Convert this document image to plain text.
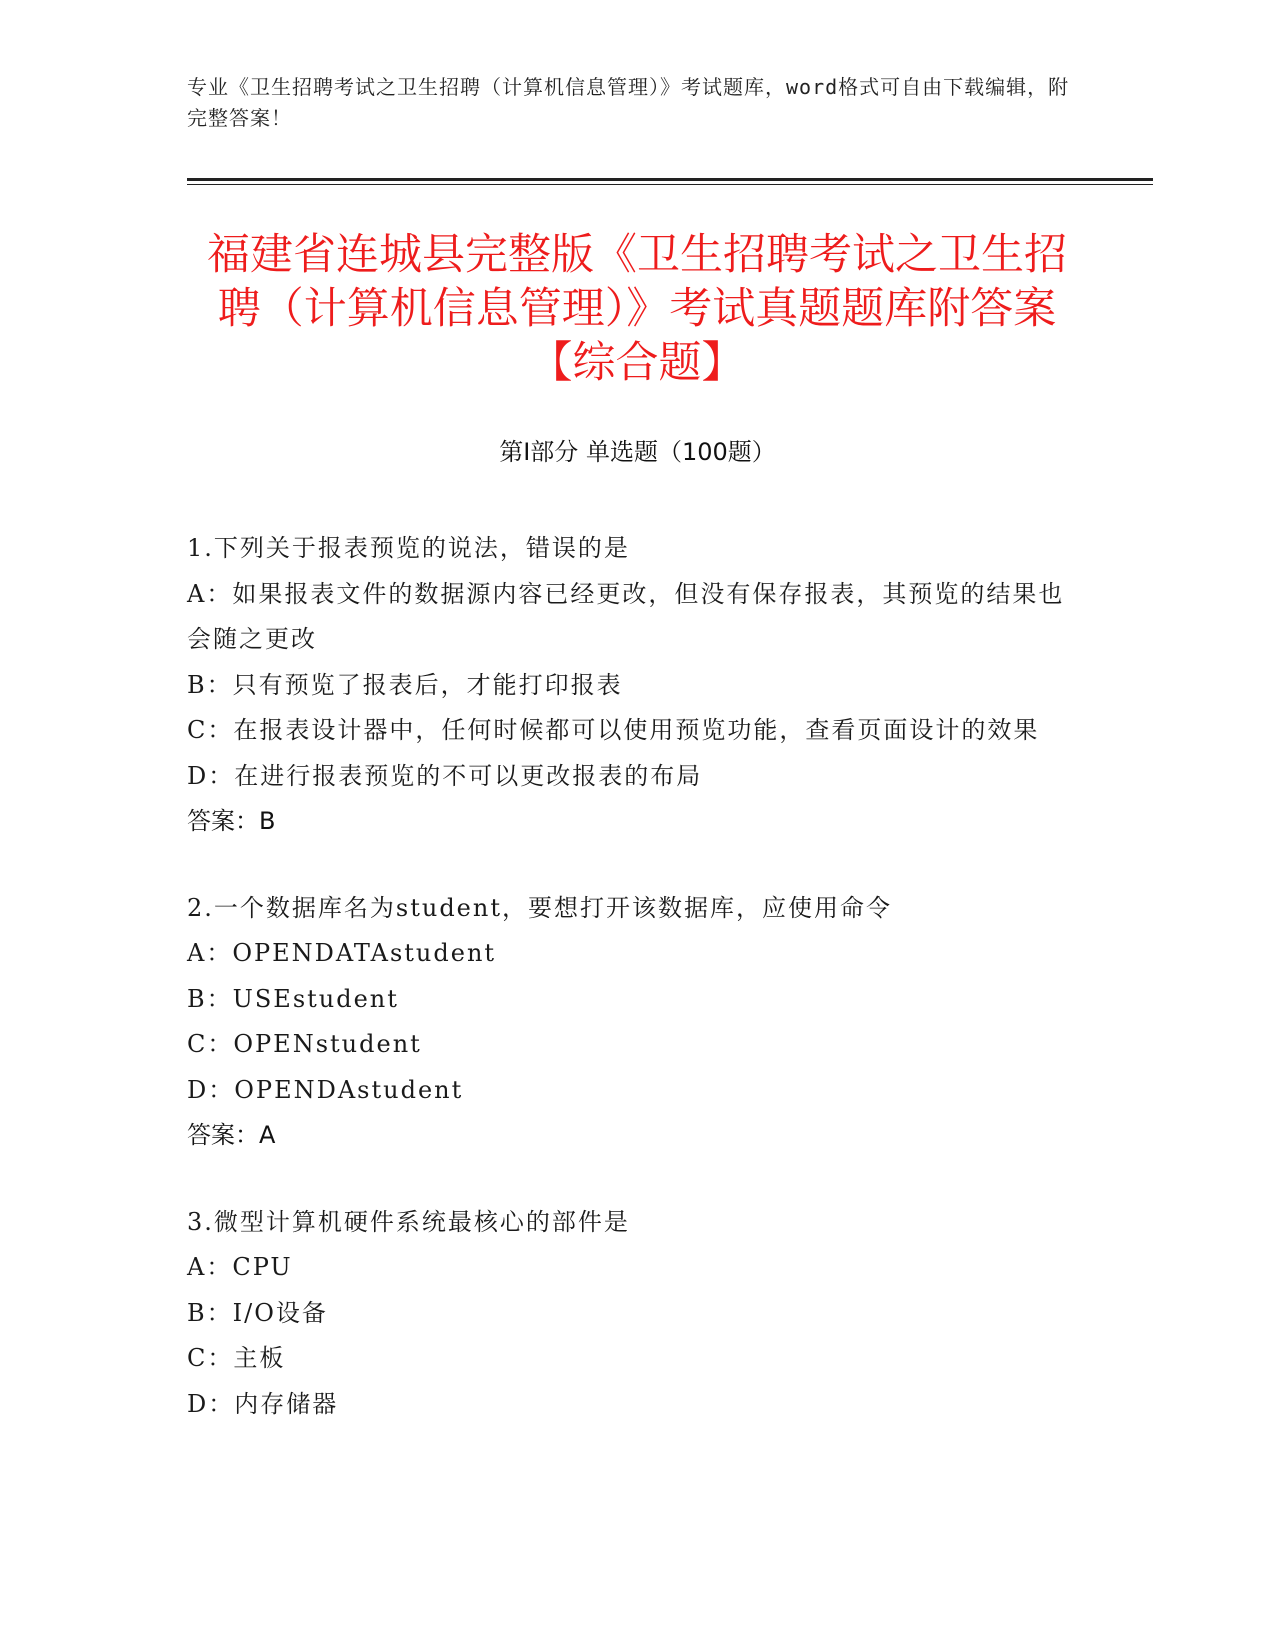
专业《卫生招聘考试之卫生招聘（计算机信息管理）》考试题库，word格式可自由下载编辑，附完整答案！
福建省连城县完整版《卫生招聘考试之卫生招聘（计算机信息管理）》考试真题题库附答案【综合题】
第Ⅰ部分 单选题（100题）
1.下列关于报表预览的说法，错误的是
A：如果报表文件的数据源内容已经更改，但没有保存报表，其预览的结果也会随之更改
B：只有预览了报表后，才能打印报表
C：在报表设计器中，任何时候都可以使用预览功能，查看页面设计的效果
D：在进行报表预览的不可以更改报表的布局
答案：B
2.一个数据库名为student，要想打开该数据库，应使用命令
A：OPENDATAstudent
B：USEstudent
C：OPENstudent
D：OPENDAstudent
答案：A
3.微型计算机硬件系统最核心的部件是
A：CPU
B：I/O设备
C：主板
D：内存储器
